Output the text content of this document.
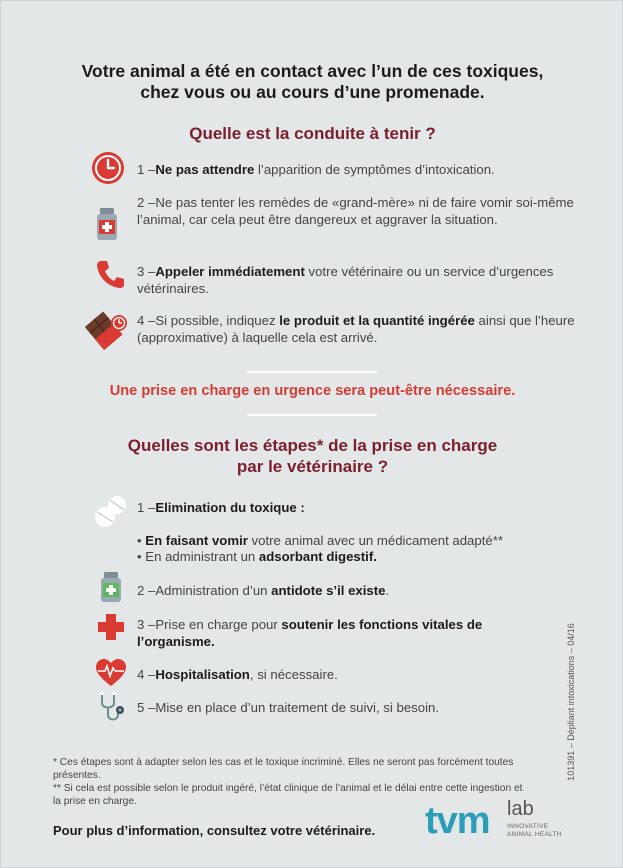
Votre animal a été en contact avec l’un de ces toxiques,
chez vous ou au cours d’une promenade.
Quelle est la conduite à tenir ?
1 –Ne pas attendre l’apparition de symptômes d’intoxication.
2 –Ne pas tenter les remèdes de «grand-mère» ni de faire vomir soi-même l’animal, car cela peut être dangereux et aggraver la situation.
3 –Appeler immédiatement votre vétérinaire ou un service d’urgences vétérinaires.
4 –Si possible, indiquez le produit et la quantité ingérée ainsi que l’heure (approximative) à laquelle cela est arrivé.
Une prise en charge en urgence sera peut-être nécessaire.
Quelles sont les étapes* de la prise en charge
par le vétérinaire ?
1 –Elimination du toxique :
• En faisant vomir votre animal avec un médicament adapté**
• En administrant un adsorbant digestif.
2 –Administration d’un antidote s’il existe.
3 –Prise en charge pour soutenir les fonctions vitales de l’organisme.
4 –Hospitalisation, si nécessaire.
5 –Mise en place d’un traitement de suivi, si besoin.
* Ces étapes sont à adapter selon les cas et le toxique incriminé. Elles ne seront pas forcément toutes présentes.
** Si cela est possible selon le produit ingéré, l’état clinique de l’animal et le délai entre cette ingestion et la prise en charge.
101391 – Dépliant intoxications – 04/16
Pour plus d’information, consultez votre vétérinaire. tvm lab
INNOVATIVE
ANIMAL HEALTH
